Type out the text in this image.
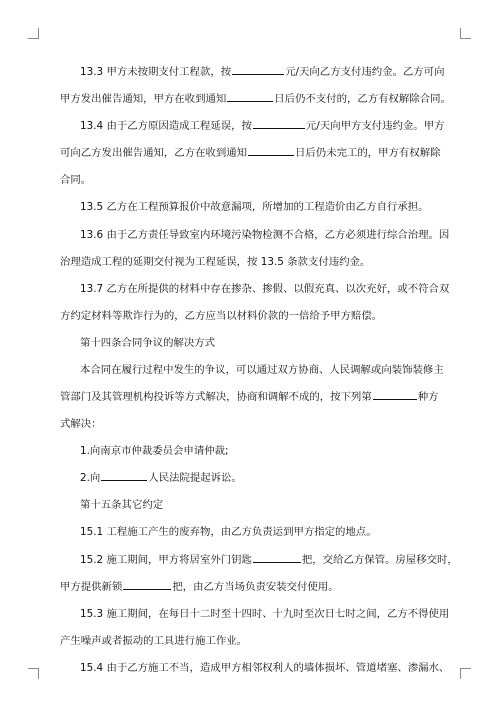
13.3 甲方未按期支付工程款，按	元/天向乙方支付违约金。乙方可向
甲方发出催告通知，甲方在收到通知	日后仍不支付的，乙方有权解除合同。
13.4 由于乙方原因造成工程延误，按	元/天向甲方支付违约金。甲方
可向乙方发出催告通知，乙方在收到通知	日后仍未完工的，甲方有权解除
合同。
13.5 乙方在工程预算报价中故意漏项，所增加的工程造价由乙方自行承担。
13.6 由于乙方责任导致室内环境污染物检测不合格，乙方必须进行综合治理。因
治理造成工程的延期交付视为工程延误，按 13.5 条款支付违约金。
13.7 乙方在所提供的材料中存在掺杂、掺假、以假充真、以次充好，或不符合双
方约定材料等欺诈行为的，乙方应当以材料价款的一倍给予甲方赔偿。
第十四条合同争议的解决方式
本合同在履行过程中发生的争议，可以通过双方协商、人民调解或向装饰装修主
管部门及其管理机构投诉等方式解决，协商和调解不成的，按下列第	种方
式解决：
1.向南京市仲裁委员会申请仲裁;
2.向	人民法院提起诉讼。
第十五条其它约定
15.1 工程施工产生的废弃物，由乙方负责运到甲方指定的地点。
15.2 施工期间，甲方将居室外门钥匙	把，交给乙方保管。房屋移交时，
甲方提供新锁	把，由乙方当场负责安装交付使用。
15.3 施工期间，在每日十二时至十四时、十九时至次日七时之间，乙方不得使用
产生噪声或者振动的工具进行施工作业。
15.4 由于乙方施工不当，造成甲方相邻权利人的墙体损坏、管道堵塞、渗漏水、
